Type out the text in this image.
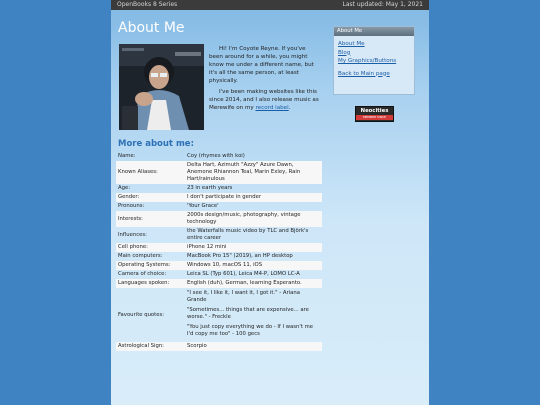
OpenBooks 8 Series	Last updated: May 1, 2021
About Me

Hi! I'm Coyote Reyne. If you've been around for a while, you might know me under a different name, but it's all the same person, at least physically.

I've been making websites like this since 2014, and I also release music as Merewife on my record label.

More about me:
Name:	Coy (rhymes with koi)
Known Aliases:	Delta Hart, Azimuth "Azzy" Azure Dawn, Anemone Rhiannon Teal, Marin Exley, Rain Hart/rainulous
Age:	23 in earth years
Gender:	I don't participate in gender
Pronouns:	'Your Grace'
Interests:	2000s design/music, photography, vintage technology
Influences:	the Waterfalls music video by TLC and Björk's entire career
Cell phone:	iPhone 12 mini
Main computers:	MacBook Pro 15" (2019), an HP desktop
Operating Systems:	Windows 10, macOS 11, iOS
Camera of choice:	Leica SL (Typ 601), Leica M4-P, LOMO LC-A
Languages spoken:	English (duh), German, learning Esperanto.
Favourite quotes:	"I see it, I like it, I want it, I got it." - Ariana Grande

"Sometimes... things that are expensive... are worse." - Freckle

"You just copy everything we do - If I wasn't me I'd copy me too" - 100 gecs

Astrological Sign:	Scorpio
About Me
About Me
Blog
My Graphics/Buttons
Back to Main page
Neocities
MEMBER SINCE
